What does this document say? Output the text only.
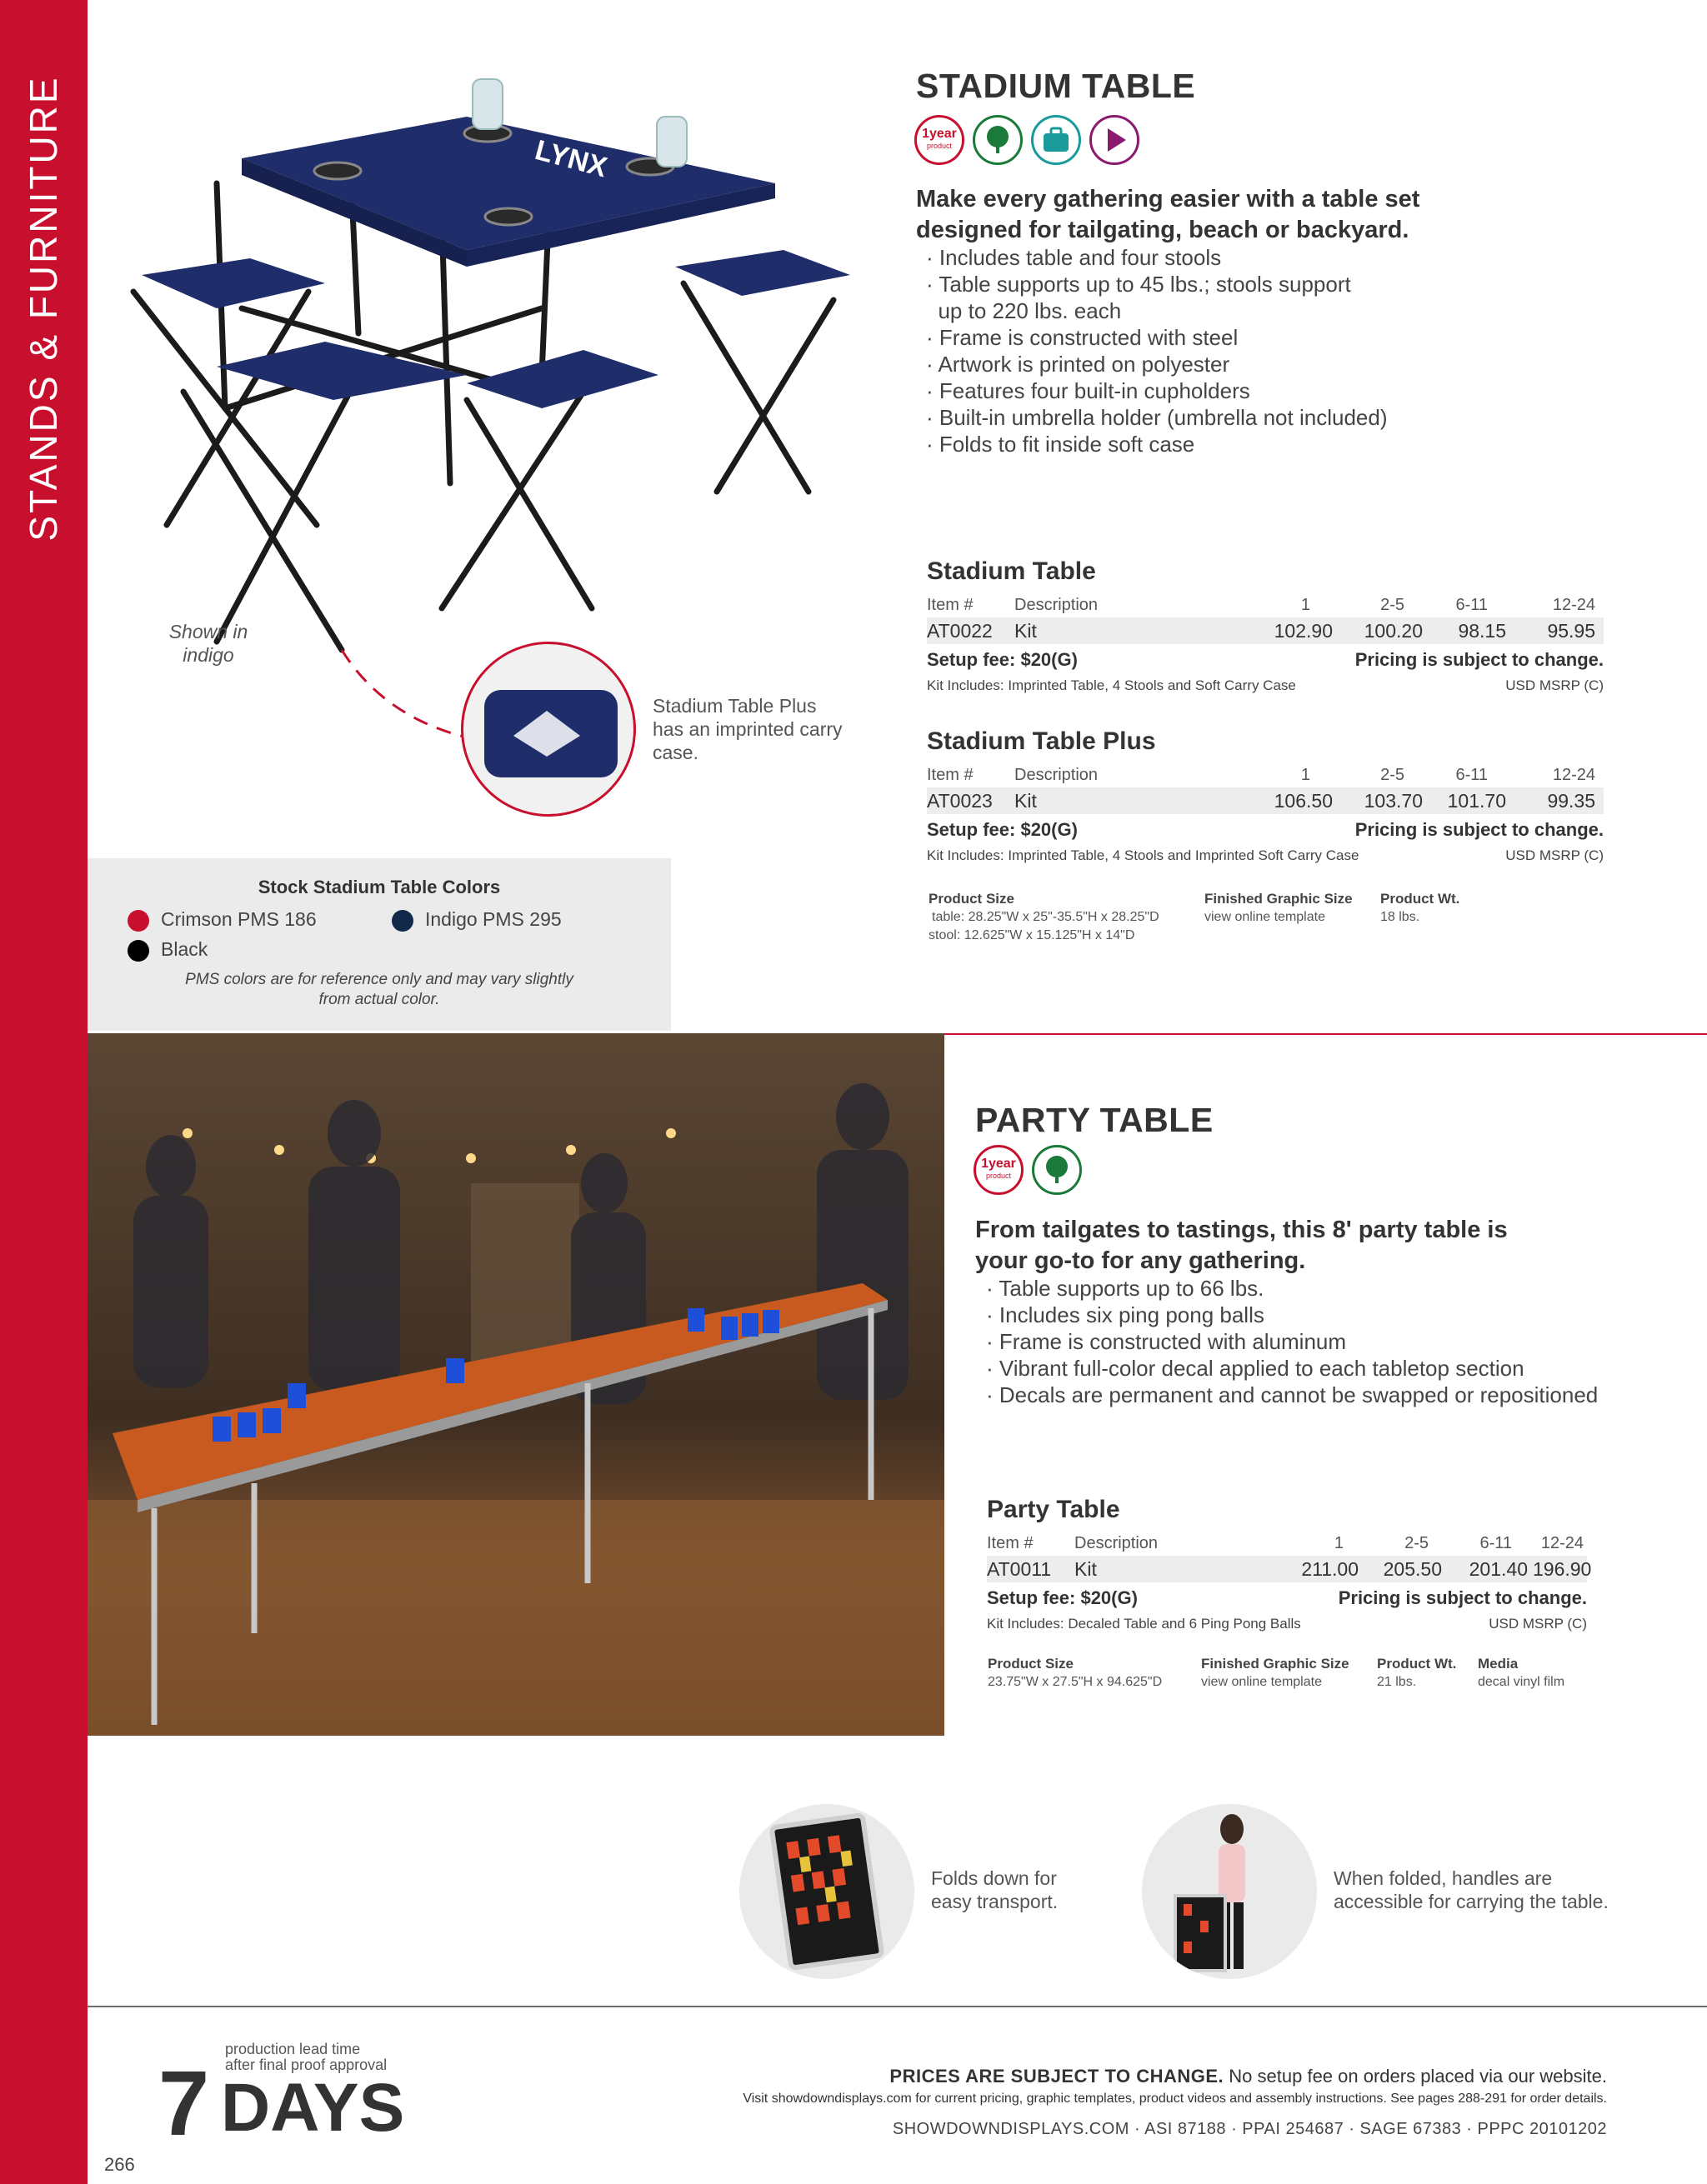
STANDS & FURNITURE	LYNX
Shown in indigo
Stadium Table Plus has an imprinted carry case.
STADIUM TABLE
1year
product
Make every gathering easier with a table set designed for tailgating, beach or backyard.
· Includes table and four stools
· Table supports up to 45 lbs.; stools support
up to 220 lbs. each
· Frame is constructed with steel
· Artwork is printed on polyester
· Features four built-in cupholders
· Built-in umbrella holder (umbrella not included)
· Folds to fit inside soft case
Stadium Table
Item #	Description	1	2-5	6-11	12-24
AT0022	Kit	102.90	100.20	98.15	95.95
Setup fee: $20(G)	Pricing is subject to change.
Kit Includes: Imprinted Table, 4 Stools and Soft Carry Case	USD MSRP (C)
Stadium Table Plus
Item #	Description	1	2-5	6-11	12-24
AT0023	Kit	106.50	103.70	101.70	99.35
Setup fee: $20(G)	Pricing is subject to change.
Kit Includes: Imprinted Table, 4 Stools and Imprinted Soft Carry Case	USD MSRP (C)
Product Size	Finished Graphic Size	Product Wt.
table: 28.25"W x 25"-35.5"H x 28.25"D	view online template	18 lbs.
stool: 12.625"W x 15.125"H x 14"D
Stock Stadium Table Colors
Crimson PMS 186	Indigo PMS 295
Black
PMS colors are for reference only and may vary slightly
from actual color.
PARTY TABLE
1year
product
From tailgates to tastings, this 8' party table is your go-to for any gathering.
· Table supports up to 66 lbs.
· Includes six ping pong balls
· Frame is constructed with aluminum
· Vibrant full-color decal applied to each tabletop section
· Decals are permanent and cannot be swapped or repositioned
Party Table
Item #	Description	1	2-5	6-11	12-24
AT0011	Kit	211.00	205.50	201.40 196.90
Setup fee: $20(G)	Pricing is subject to change.
Kit Includes: Decaled Table and 6 Ping Pong Balls	USD MSRP (C)
Product Size	Finished Graphic Size	Product Wt.	Media
23.75"W x 27.5"H x 94.625"D	view online template	21 lbs.	decal vinyl film
Folds down for easy transport.
When folded, handles are accessible for carrying the table.
266
production lead time
after final proof approval
7 DAYS	PRICES ARE SUBJECT TO CHANGE. No setup fee on orders placed via our website.
Visit showdowndisplays.com for current pricing, graphic templates, product videos and assembly instructions. See pages 288-291 for order details.
SHOWDOWNDISPLAYS.COM · ASI 87188 · PPAI 254687 · SAGE 67383 · PPPC 20101202
